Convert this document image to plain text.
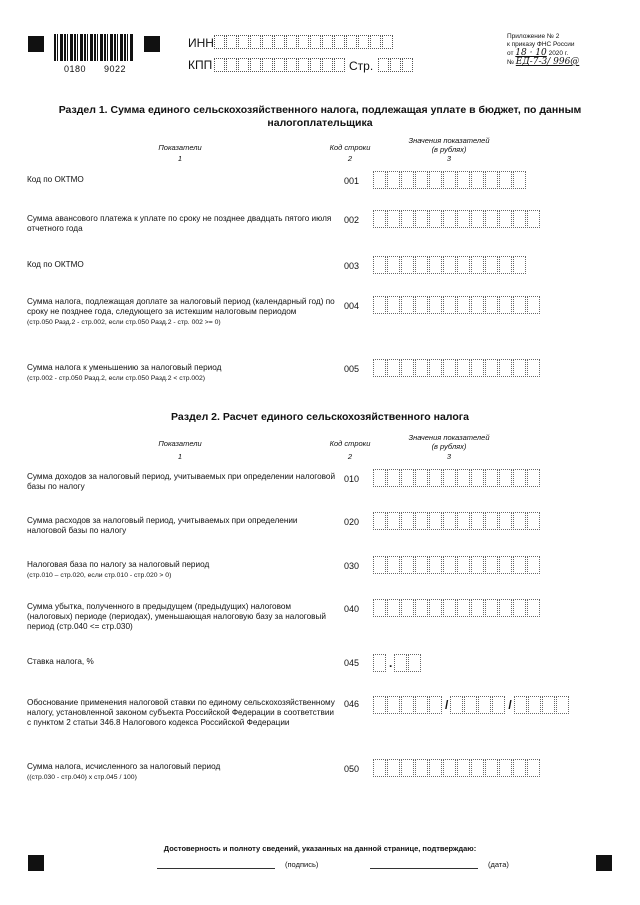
0180 9022
ИНН
КПП	Стр.
Приложение № 2
к приказу ФНС России
от 18 · 10 2020 г.
№ ЕД-7-3/ 996@
Раздел 1. Сумма единого сельскохозяйственного налога, подлежащая уплате в бюджет, по данным налогоплательщика
Показатели
1
Код строки
2
Значения показателей (в рублях)
3
Код по ОКТМО	001
Сумма авансового платежа к уплате по сроку не позднее двадцать пятого июля отчетного года
002
Код по ОКТМО	003
Сумма налога, подлежащая доплате за налоговый период (календарный год) по сроку не позднее года, следующего за истекшим налоговым периодом
(стр.050 Разд.2 - стр.002, если стр.050 Разд.2 - стр. 002 >= 0)
004
Сумма налога к уменьшению за налоговый период
(стр.002 - стр.050 Разд.2, если стр.050 Разд.2 < стр.002)
005
Раздел 2. Расчет единого сельскохозяйственного налога
Показатели
1
Код строки
2
Значения показателей (в рублях)
3
Сумма доходов за налоговый период, учитываемых при определении налоговой базы по налогу
010
Сумма расходов за налоговый период, учитываемых при определении налоговой базы по налогу
020
Налоговая база по налогу за налоговый период
(стр.010 – стр.020, если стр.010 - стр.020 > 0)
030
Сумма убытка, полученного в предыдущем (предыдущих) налоговом (налоговых) периоде (периодах), уменьшающая налоговую базу за налоговый период (стр.040 <= стр.030)
040
Ставка налога, %	045 .
Обоснование применения налоговой ставки по единому сельскохозяйственному налогу, установленной законом субъекта Российской Федерации в соответствии с пунктом 2 статьи 346.8 Налогового кодекса Российской Федерации
046	/	/
Сумма налога, исчисленного за налоговый период
((стр.030 - стр.040) х стр.045 / 100)
050
Достоверность и полноту сведений, указанных на данной странице, подтверждаю:
(подпись)	(дата)
